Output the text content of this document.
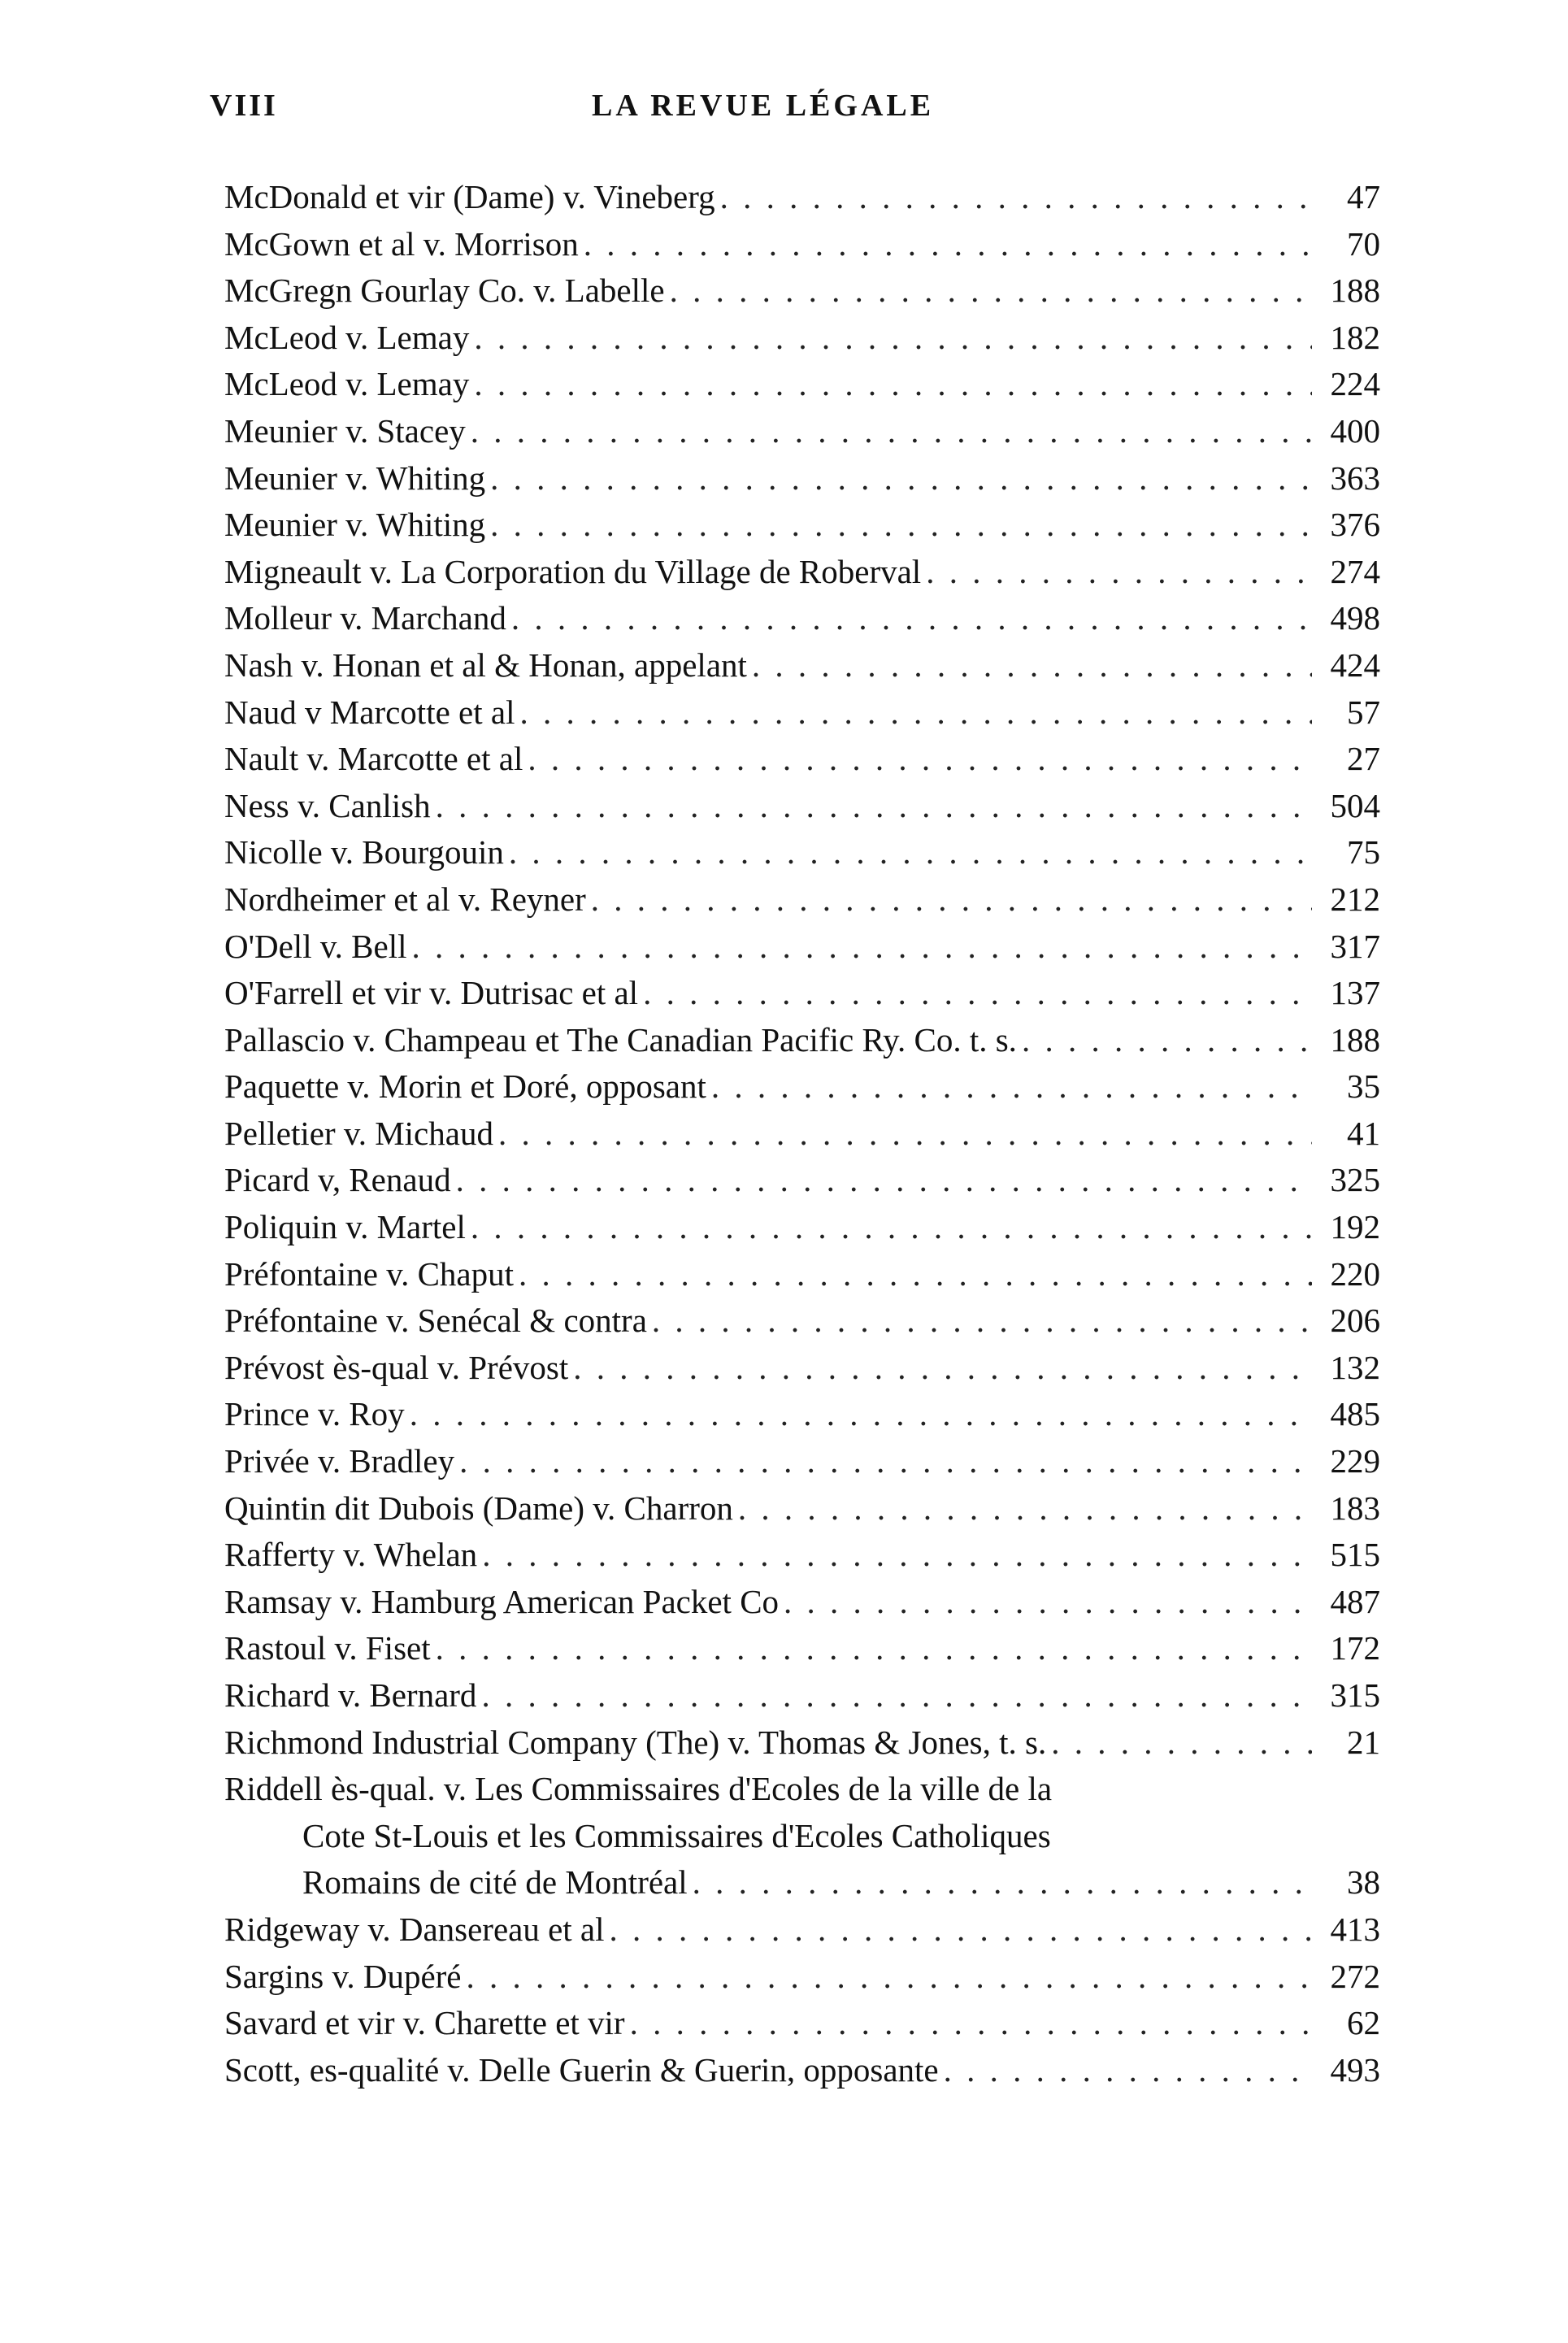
VIII	LA REVUE LÉGALE
McDonald et vir (Dame) v. Vineberg . . .	47
McGown et al v. Morrison . . .	70
McGregn Gourlay Co. v. Labelle . . .	188
McLeod v. Lemay . . .	182
McLeod v. Lemay . . .	224
Meunier v. Stacey . . .	400
Meunier v. Whiting . . .	363
Meunier v. Whiting . . .	376
Migneault v. La Corporation du Village de Roberval . . .	274
Molleur v. Marchand . . .	498
Nash v. Honan et al & Honan, appelant . . .	424
Naud v Marcotte et al . . .	57
Nault v. Marcotte et al . . .	27
Ness v. Canlish . . .	504
Nicolle v. Bourgouin . . .	75
Nordheimer et al v. Reyner . . .	212
O'Dell v. Bell . . .	317
O'Farrell et vir v. Dutrisac et al . . .	137
Pallascio v. Champeau et The Canadian Pacific Ry. Co. t. s. . . .	188
Paquette v. Morin et Doré, opposant . . .	35
Pelletier v. Michaud . . .	41
Picard v, Renaud . . .	325
Poliquin v. Martel . . .	192
Préfontaine v. Chaput . . .	220
Préfontaine v. Senécal & contra . . .	206
Prévost ès-qual v. Prévost . . .	132
Prince v. Roy . . .	485
Privée v. Bradley . . .	229
Quintin dit Dubois (Dame) v. Charron . . .	183
Rafferty v. Whelan . . .	515
Ramsay v. Hamburg American Packet Co . . .	487
Rastoul v. Fiset . . .	172
Richard v. Bernard . . .	315
Richmond Industrial Company (The) v. Thomas & Jones, t. s. . . .	21
Riddell ès-qual. v. Les Commissaires d'Ecoles de la ville de la
Cote St-Louis et les Commissaires d'Ecoles Catholiques
Romains de cité de Montréal . . .	38
Ridgeway v. Dansereau et al . . .	413
Sargins v. Dupéré . . .	272
Savard et vir v. Charette et vir . . .	62
Scott, es-qualité v. Delle Guerin & Guerin, opposante . . .	493
